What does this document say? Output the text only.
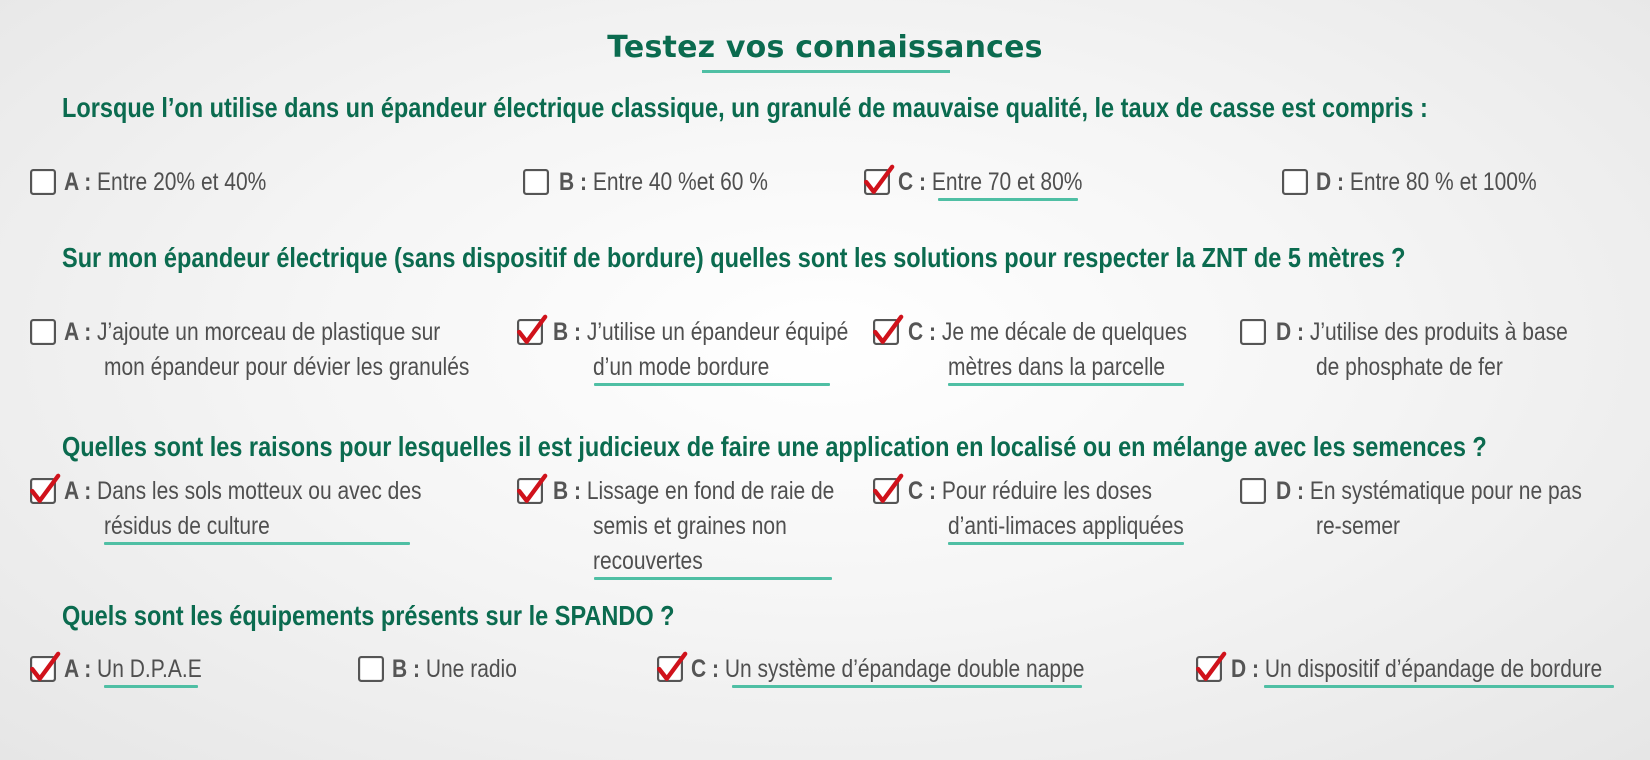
Testez vos connaissances
Lorsque l’on utilise dans un épandeur électrique classique, un granulé de mauvaise qualité, le taux de casse est compris :
A : Entre 20% et 40%	B : Entre 40 %et 60 %	C : Entre 70 et 80%	D : Entre 80 % et 100%
Sur mon épandeur électrique (sans dispositif de bordure) quelles sont les solutions pour respecter la ZNT de 5 mètres ?
A : J’ajoute un morceau de plastique sur
mon épandeur pour dévier les granulés
B : J’utilise un épandeur équipé
d’un mode bordure
C : Je me décale de quelques
mètres dans la parcelle
D : J’utilise des produits à base
de phosphate de fer
Quelles sont les raisons pour lesquelles il est judicieux de faire une application en localisé ou en mélange avec les semences ?
A : Dans les sols motteux ou avec des
résidus de culture
B : Lissage en fond de raie de
semis et graines non
recouvertes
C : Pour réduire les doses
d’anti-limaces appliquées
D : En systématique pour ne pas
re-semer
Quels sont les équipements présents sur le SPANDO ?
A : Un D.P.A.E	B : Une radio	C : Un système d’épandage double nappe	D : Un dispositif d’épandage de bordure
